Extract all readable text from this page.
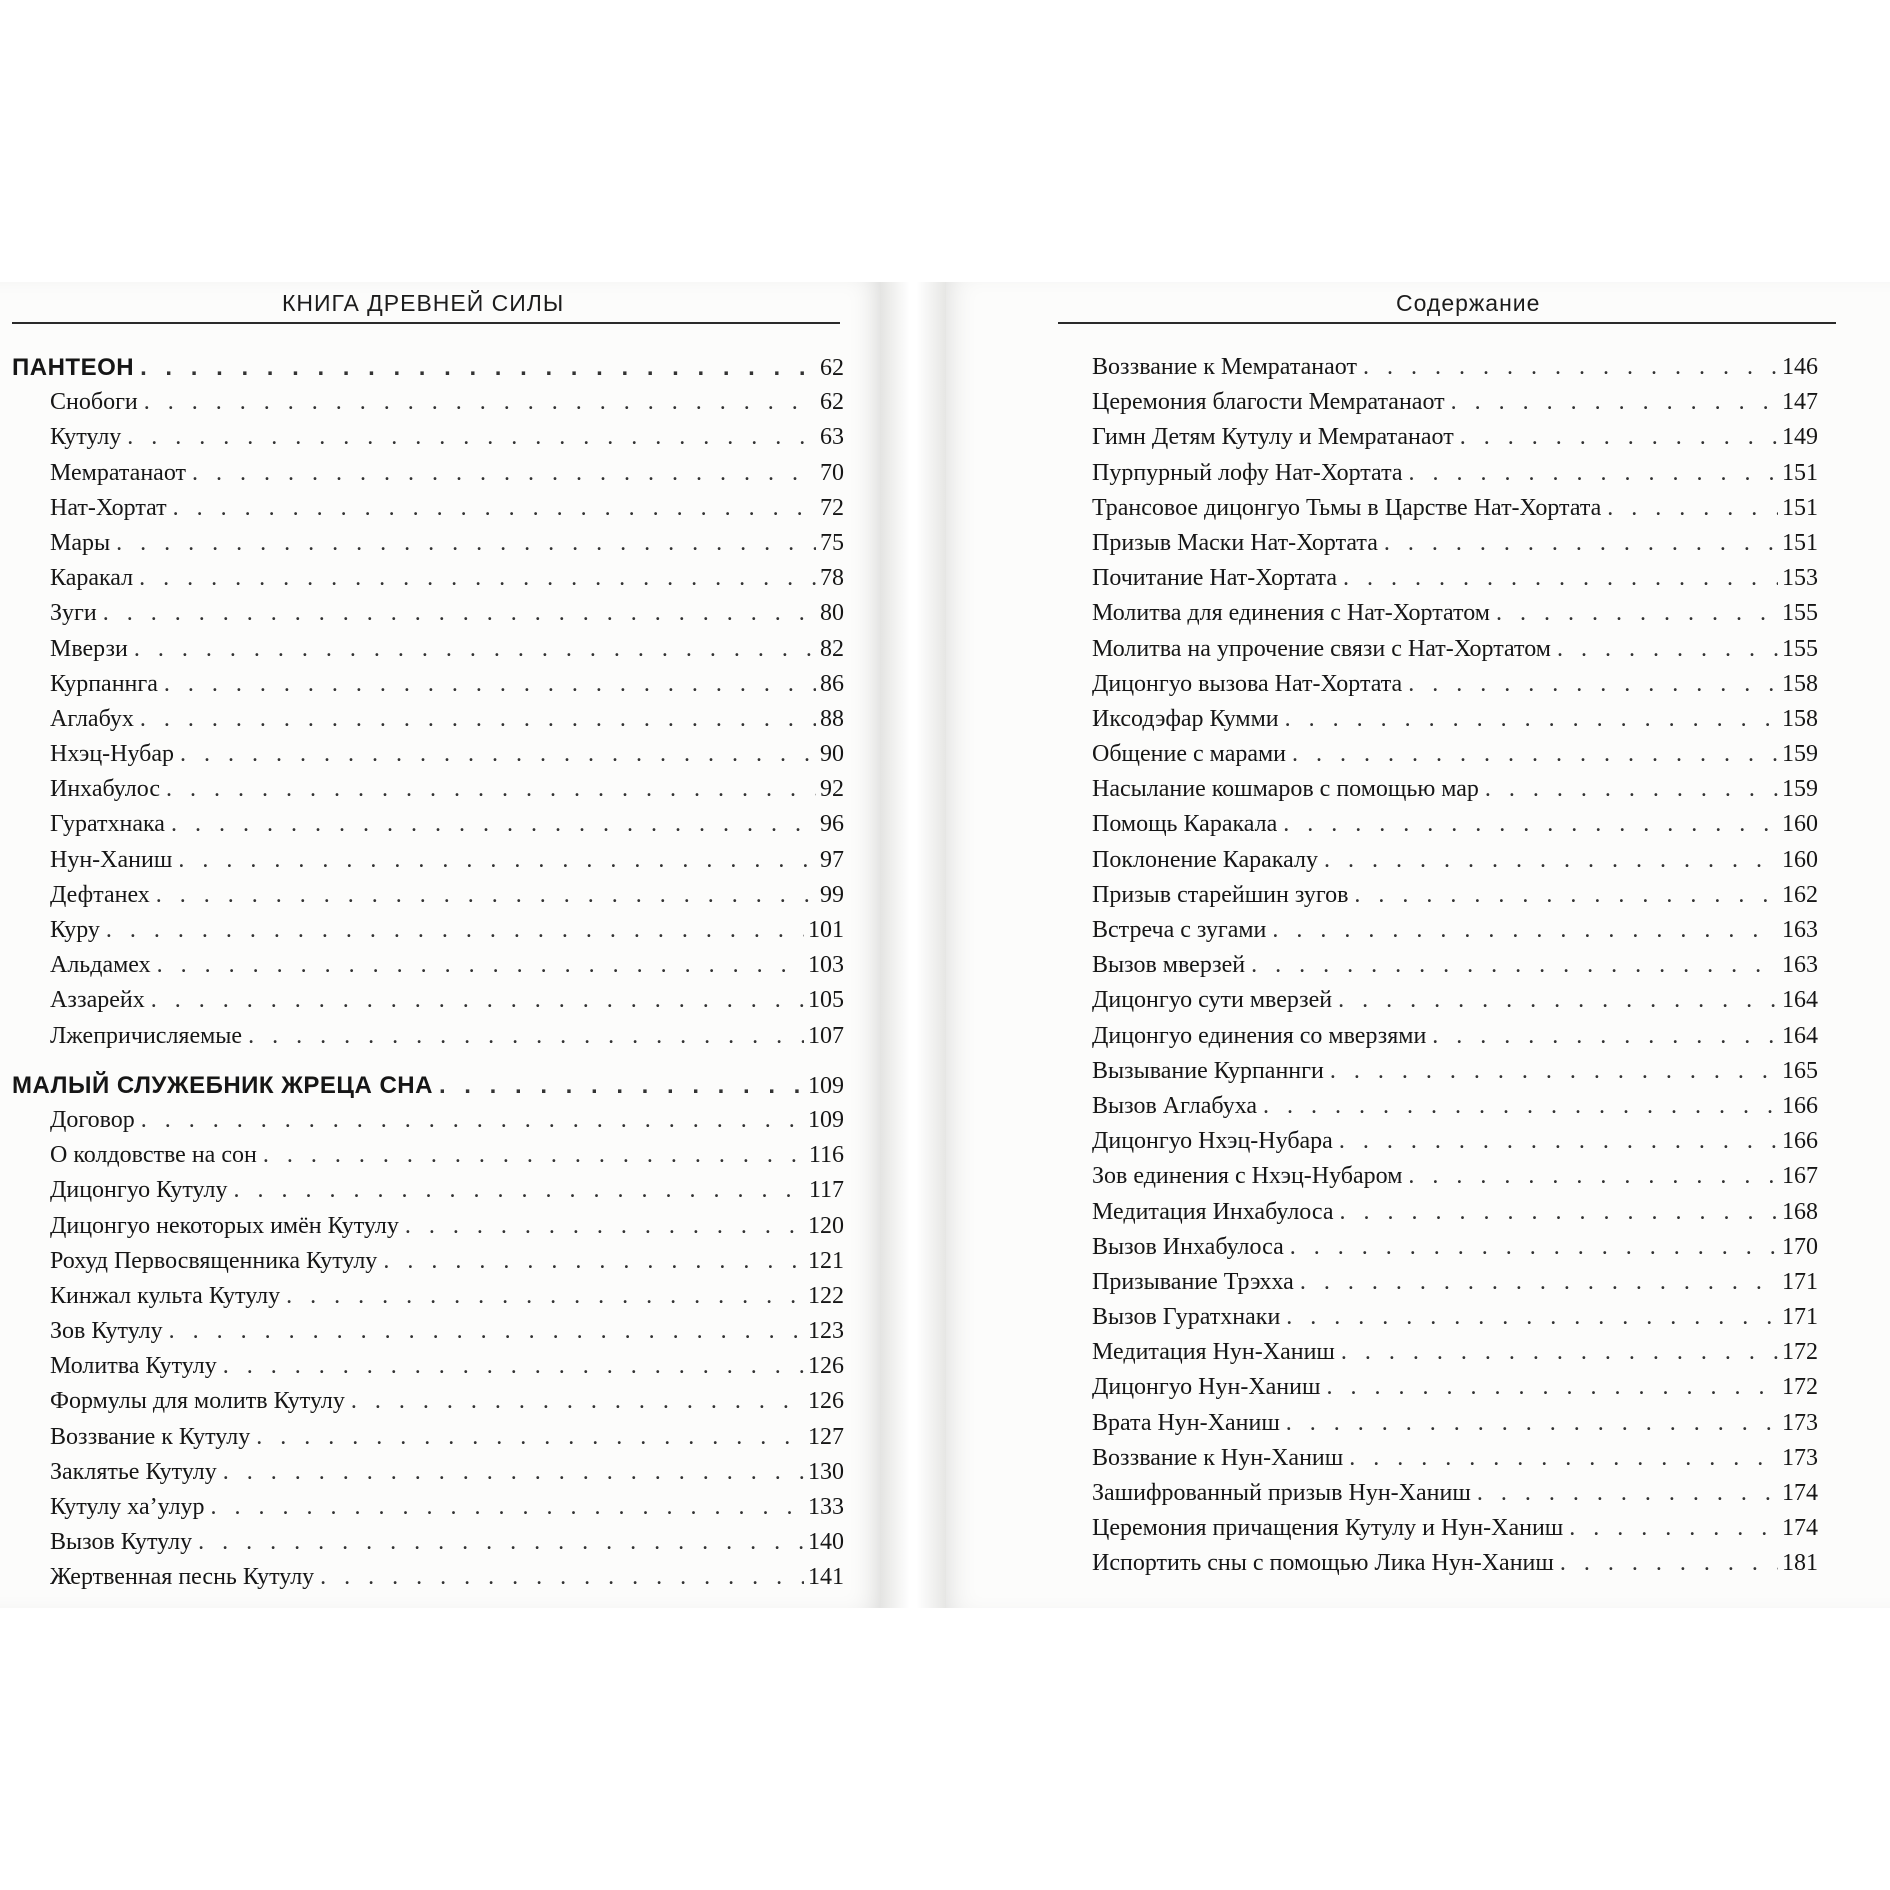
КНИГА ДРЕВНЕЙ СИЛЫ
ПАНТЕОН . . .	62
Снобоги . . .	62
Кутулу . . .	63
Мемратанаот . . .	70
Нат-Хортат . . .	72
Мары . . .	75
Каракал . . .	78
Зуги . . .	80
Мверзи . . .	82
Курпаннга . . .	86
Аглабух . . .	88
Нхэц-Нубар . . .	90
Инхабулос . . .	92
Гуратхнака . . .	96
Нун-Ханиш . . .	97
Дефтанех . . .	99
Куру . . .	101
Альдамех . . .	103
Аззарейх . . .	105
Лжепричисляемые . . .	107
МАЛЫЙ СЛУЖЕБНИК ЖРЕЦА СНА . . .	109
Договор . . .	109
О колдовстве на сон . . .	116
Дицонгуо Кутулу . . .	117
Дицонгуо некоторых имён Кутулу . . .	120
Рохуд Первосвященника Кутулу . . .	121
Кинжал культа Кутулу . . .	122
Зов Кутулу . . .	123
Молитва Кутулу . . .	126
Формулы для молитв Кутулу . . .	126
Воззвание к Кутулу . . .	127
Заклятье Кутулу . . .	130
Кутулу ха’улур . . .	133
Вызов Кутулу . . .	140
Жертвенная песнь Кутулу . . .	141
Содержание
Воззвание к Мемратанаот . . .	146
Церемония благости Мемратанаот . . .	147
Гимн Детям Кутулу и Мемратанаот . . .	149
Пурпурный лофу Нат-Хортата . . .	151
Трансовое дицонгуо Тьмы в Царстве Нат-Хортата . . .	151
Призыв Маски Нат-Хортата . . .	151
Почитание Нат-Хортата . . .	153
Молитва для единения с Нат-Хортатом . . .	155
Молитва на упрочение связи с Нат-Хортатом . . .	155
Дицонгуо вызова Нат-Хортата . . .	158
Иксодэфар Кумми . . .	158
Общение с марами . . .	159
Насылание кошмаров с помощью мар . . .	159
Помощь Каракала . . .	160
Поклонение Каракалу . . .	160
Призыв старейшин зугов . . .	162
Встреча с зугами . . .	163
Вызов мверзей . . .	163
Дицонгуо сути мверзей . . .	164
Дицонгуо единения со мверзями . . .	164
Вызывание Курпаннги . . .	165
Вызов Аглабуха . . .	166
Дицонгуо Нхэц-Нубара . . .	166
Зов единения с Нхэц-Нубаром . . .	167
Медитация Инхабулоса . . .	168
Вызов Инхабулоса . . .	170
Призывание Трэхха . . .	171
Вызов Гуратхнаки . . .	171
Медитация Нун-Ханиш . . .	172
Дицонгуо Нун-Ханиш . . .	172
Врата Нун-Ханиш . . .	173
Воззвание к Нун-Ханиш . . .	173
Зашифрованный призыв Нун-Ханиш . . .	174
Церемония причащения Кутулу и Нун-Ханиш . . .	174
Испортить сны с помощью Лика Нун-Ханиш . . .	181
